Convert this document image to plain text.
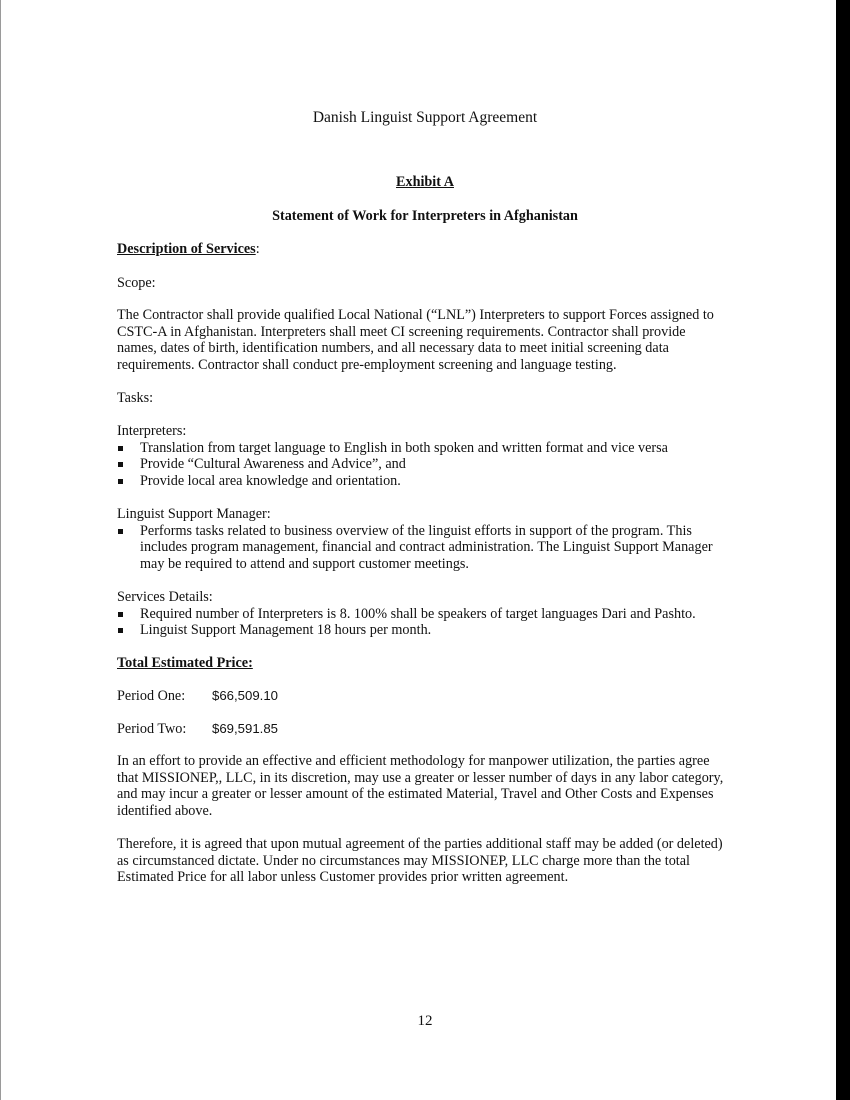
Danish Linguist Support Agreement
Exhibit A
Statement of Work for Interpreters in Afghanistan
Description of Services:
Scope:
The Contractor shall provide qualified Local National (“LNL”) Interpreters to support Forces assigned to CSTC-A in Afghanistan. Interpreters shall meet CI screening requirements. Contractor shall provide names, dates of birth, identification numbers, and all necessary data to meet initial screening data requirements. Contractor shall conduct pre-employment screening and language testing.
Tasks:
Interpreters:
Translation from target language to English in both spoken and written format and vice versa
Provide “Cultural Awareness and Advice”, and
Provide local area knowledge and orientation.
Linguist Support Manager:
Performs tasks related to business overview of the linguist efforts in support of the program. This includes program management, financial and contract administration. The Linguist Support Manager may be required to attend and support customer meetings.
Services Details:
Required number of Interpreters is 8. 100% shall be speakers of target languages Dari and Pashto.
Linguist Support Management 18 hours per month.
Total Estimated Price:
Period One: $66,509.10
Period Two: $69,591.85
In an effort to provide an effective and efficient methodology for manpower utilization, the parties agree that MISSIONEP,, LLC, in its discretion, may use a greater or lesser number of days in any labor category, and may incur a greater or lesser amount of the estimated Material, Travel and Other Costs and Expenses identified above.
Therefore, it is agreed that upon mutual agreement of the parties additional staff may be added (or deleted) as circumstanced dictate. Under no circumstances may MISSIONEP, LLC charge more than the total Estimated Price for all labor unless Customer provides prior written agreement.
12
